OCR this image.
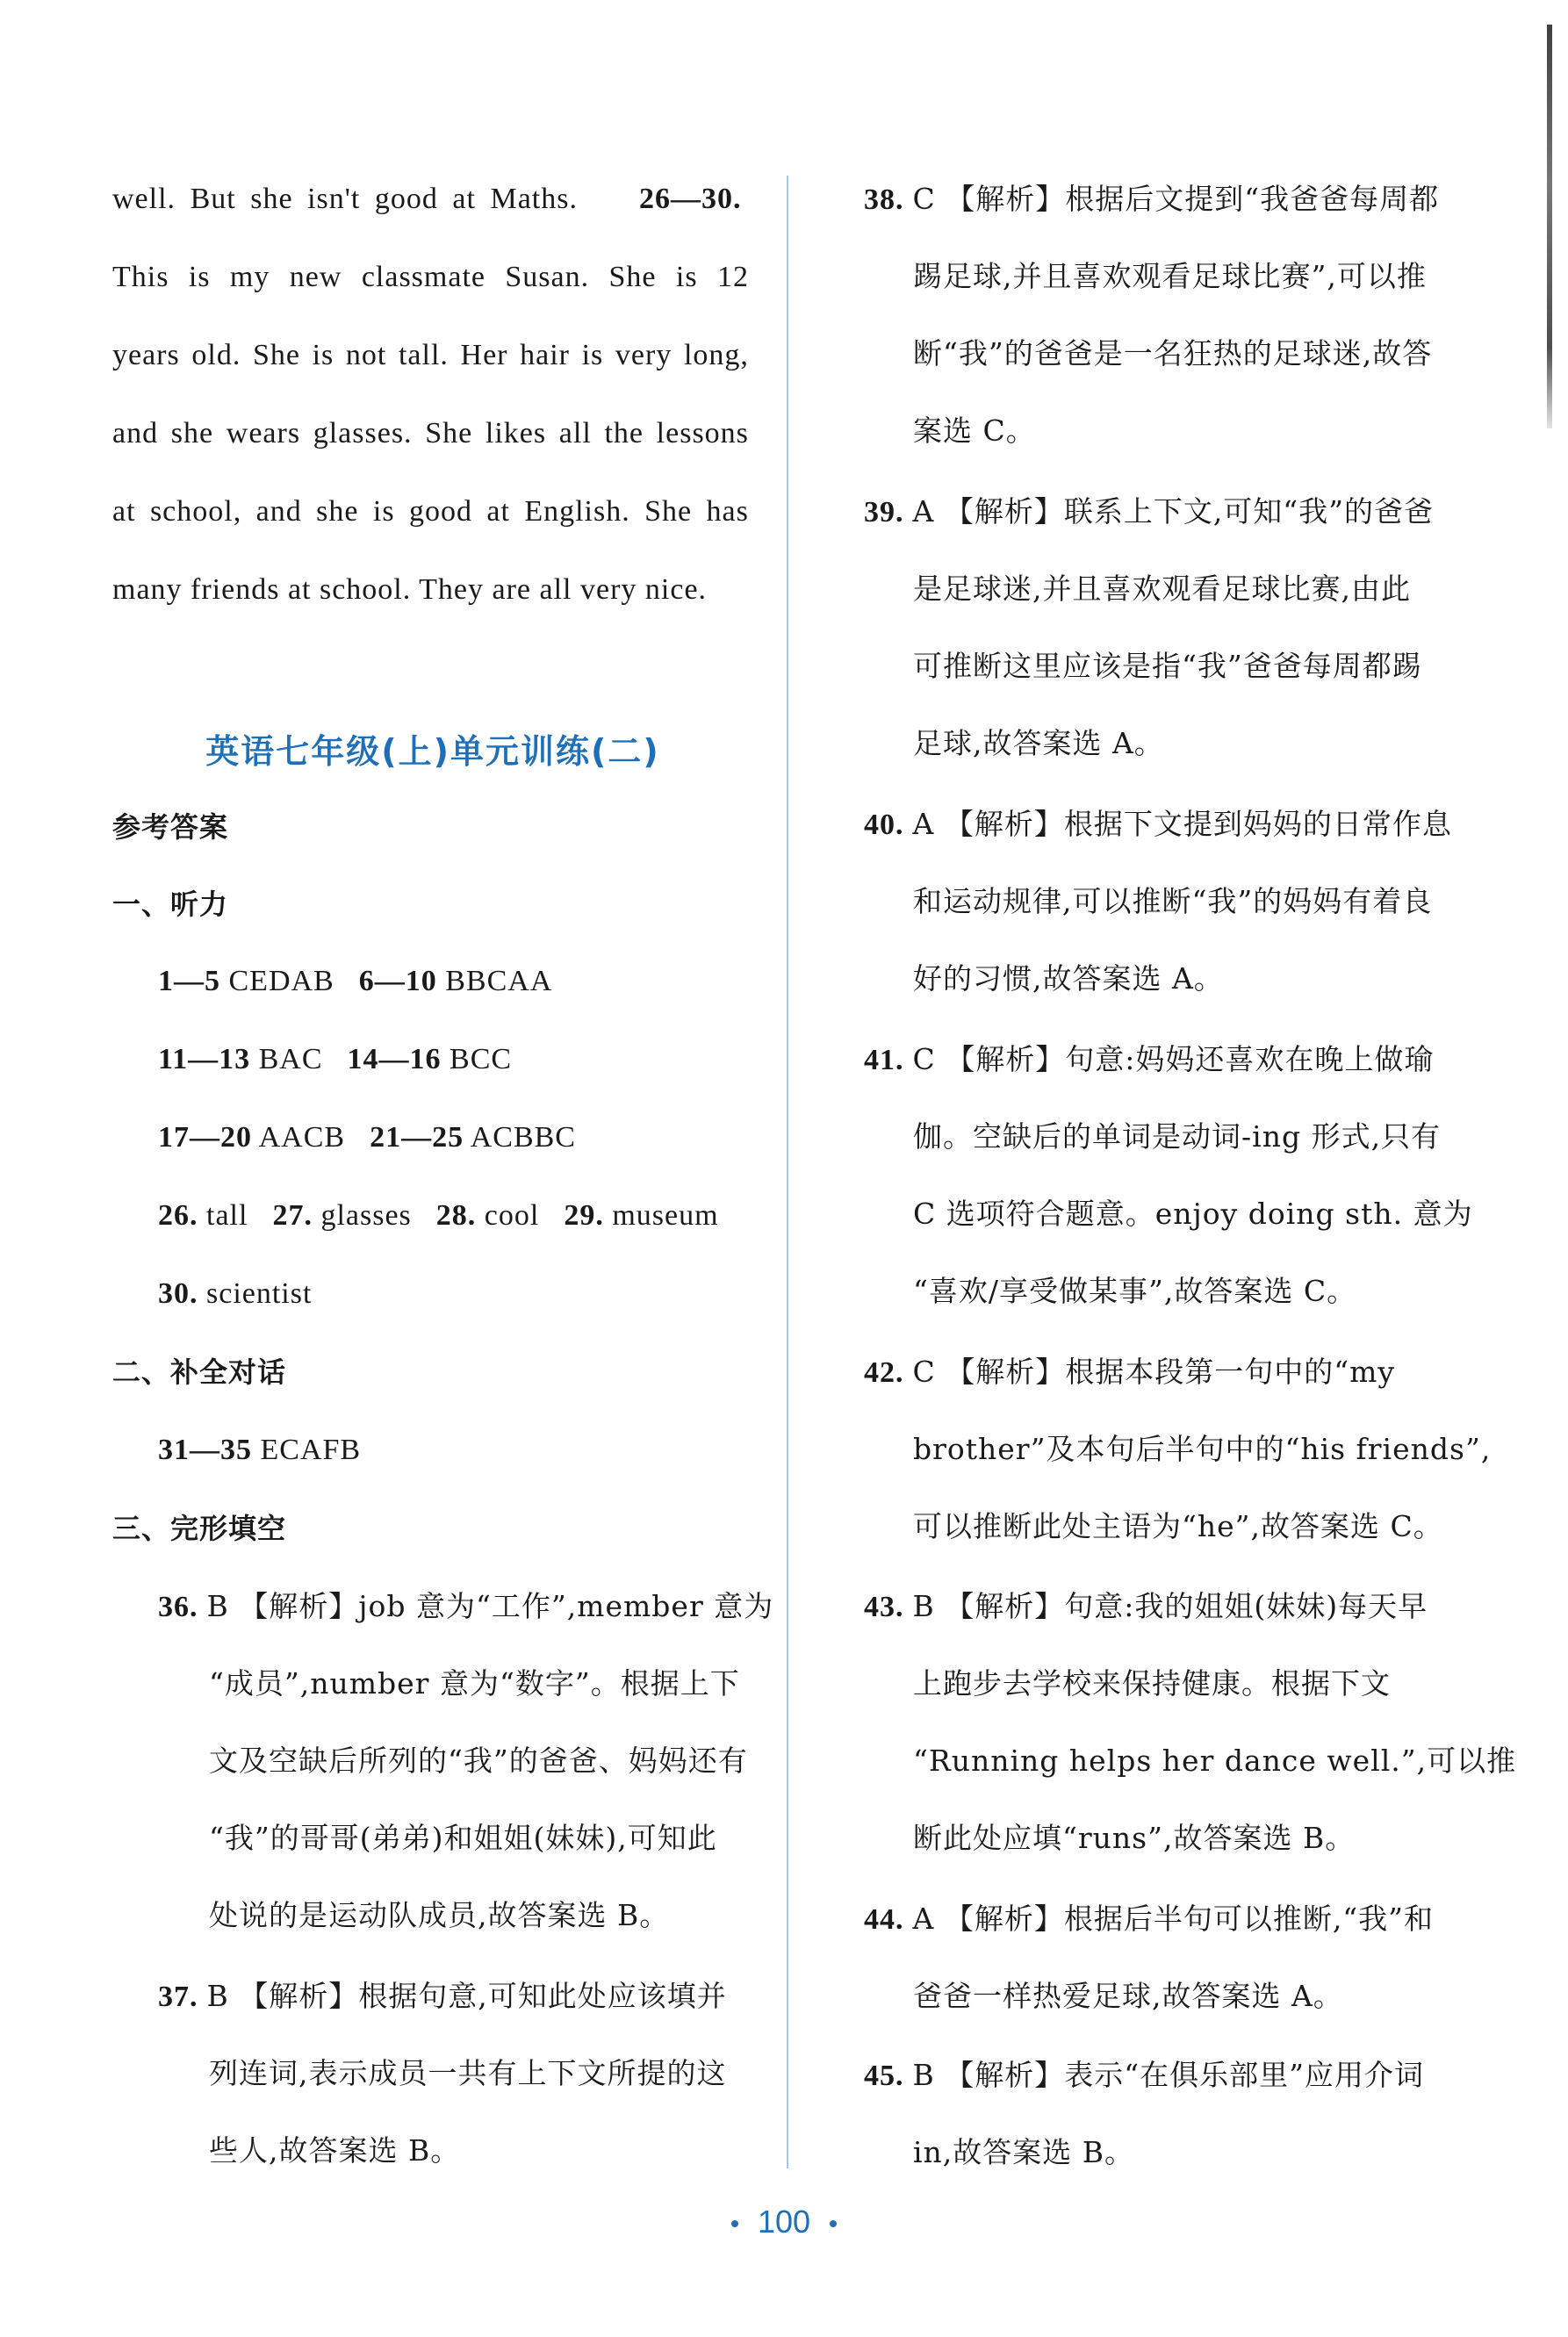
well. But she isn't good at Maths. 26—30.
This is my new classmate Susan. She is 12
years old. She is not tall. Her hair is very long,
and she wears glasses. She likes all the lessons
at school, and she is good at English. She has
many friends at school. They are all very nice.
英语七年级(上)单元训练(二)
参考答案
一、听力
1—5 CEDAB 6—10 BBCAA
11—13 BAC 14—16 BCC
17—20 AACB 21—25 ACBBC
26. tall 27. glasses 28. cool 29. museum
30. scientist
二、补全对话
31—35 ECAFB
三、完形填空
36. B 【解析】job 意为“工作”,member 意为
“成员”,number 意为“数字”。根据上下
文及空缺后所列的“我”的爸爸、妈妈还有
“我”的哥哥(弟弟)和姐姐(妹妹),可知此
处说的是运动队成员,故答案选 B。
37. B 【解析】根据句意,可知此处应该填并
列连词,表示成员一共有上下文所提的这
些人,故答案选 B。
38. C 【解析】根据后文提到“我爸爸每周都
踢足球,并且喜欢观看足球比赛”,可以推
断“我”的爸爸是一名狂热的足球迷,故答
案选 C。
39. A 【解析】联系上下文,可知“我”的爸爸
是足球迷,并且喜欢观看足球比赛,由此
可推断这里应该是指“我”爸爸每周都踢
足球,故答案选 A。
40. A 【解析】根据下文提到妈妈的日常作息
和运动规律,可以推断“我”的妈妈有着良
好的习惯,故答案选 A。
41. C 【解析】句意:妈妈还喜欢在晚上做瑜
伽。空缺后的单词是动词-ing 形式,只有
C 选项符合题意。enjoy doing sth. 意为
“喜欢/享受做某事”,故答案选 C。
42. C 【解析】根据本段第一句中的“my
brother”及本句后半句中的“his friends”,
可以推断此处主语为“he”,故答案选 C。
43. B 【解析】句意:我的姐姐(妹妹)每天早
上跑步去学校来保持健康。根据下文
“Running helps her dance well.”,可以推
断此处应填“runs”,故答案选 B。
44. A 【解析】根据后半句可以推断,“我”和
爸爸一样热爱足球,故答案选 A。
45. B 【解析】表示“在俱乐部里”应用介词
in,故答案选 B。
100
